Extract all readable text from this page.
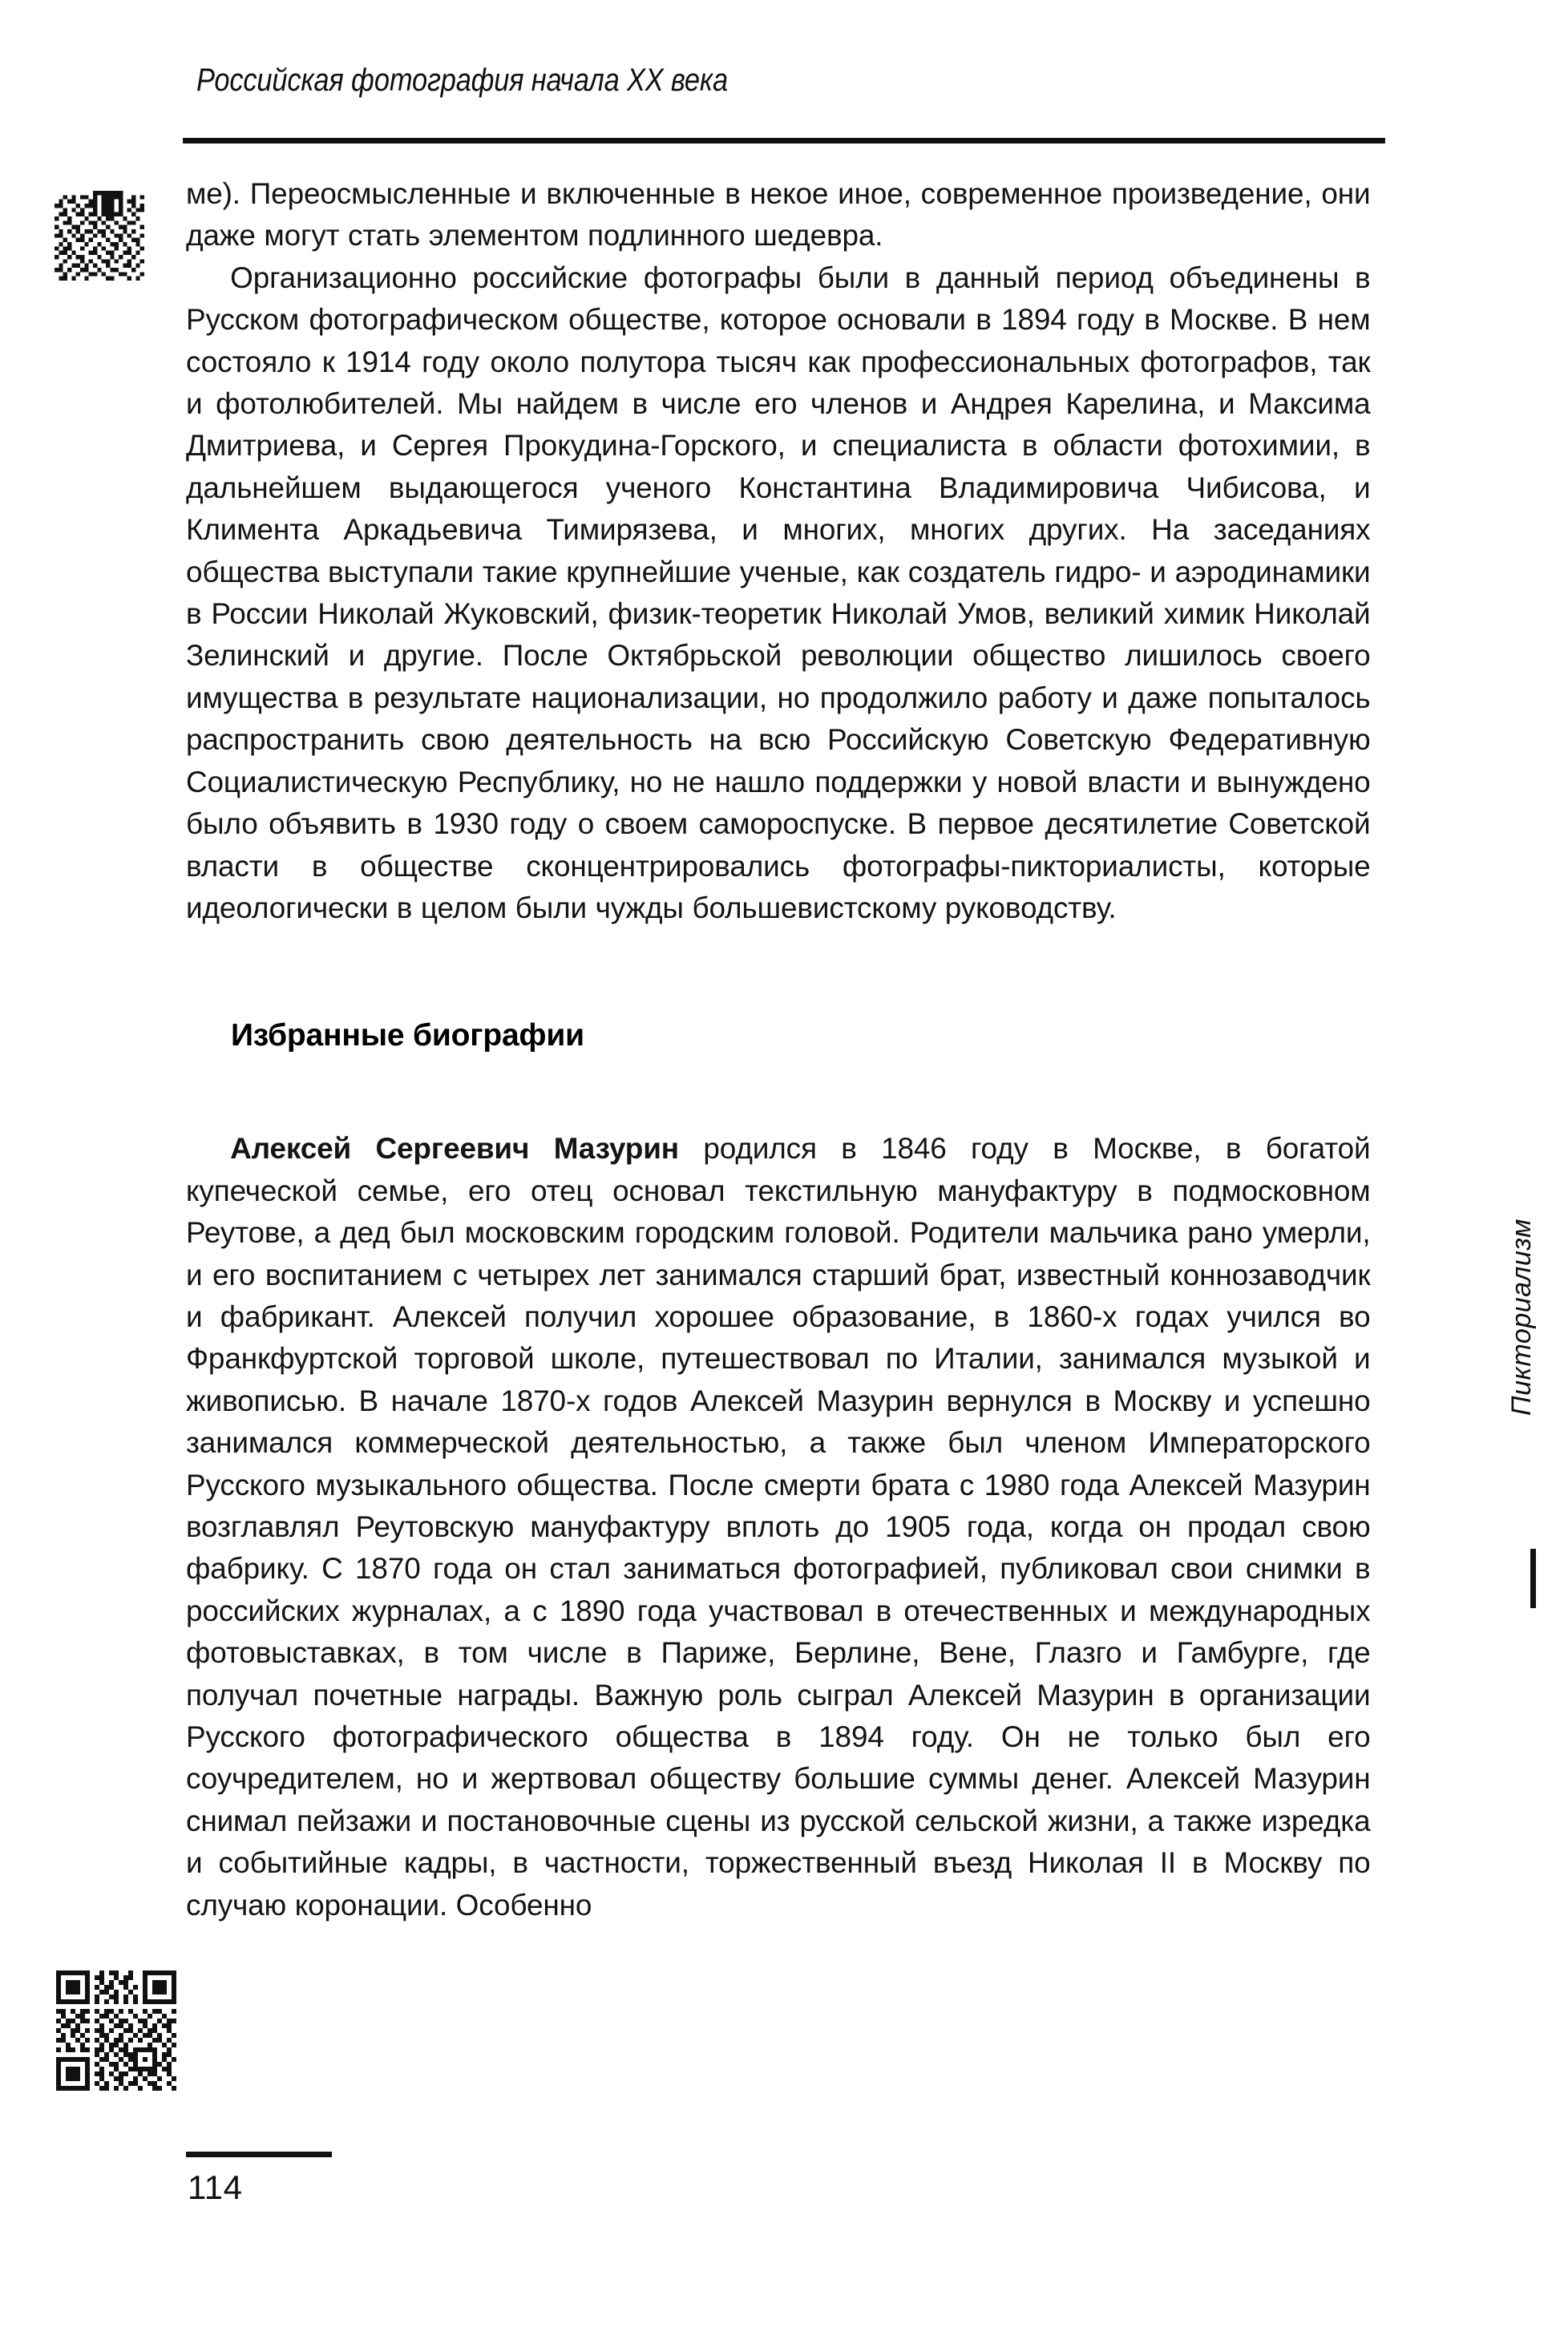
Российская фотография начала XX века

ме). Переосмысленные и включенные в некое иное, современное произведение, они даже могут стать элементом подлинного шедевра.

Организационно российские фотографы были в данный период объединены в Русском фотографическом обществе, которое основали в 1894 году в Москве. В нем состояло к 1914 году около полутора тысяч как профессиональных фотографов, так и фотолюбителей. Мы найдем в числе его членов и Андрея Карелина, и Максима Дмитриева, и Сергея Прокудина-Горского, и специалиста в области фотохимии, в дальнейшем выдающегося ученого Константина Владимировича Чибисова, и Климента Аркадьевича Тимирязева, и многих, многих других. На заседаниях общества выступали такие крупнейшие ученые, как создатель гидро- и аэродинамики в России Николай Жуковский, физик-теоретик Николай Умов, великий химик Николай Зелинский и другие. После Октябрьской революции общество лишилось своего имущества в результате национализации, но продолжило работу и даже попыталось распространить свою деятельность на всю Российскую Советскую Федеративную Социалистическую Республику, но не нашло поддержки у новой власти и вынуждено было объявить в 1930 году о своем самороспуске. В первое десятилетие Советской власти в обществе сконцентрировались фотографы-пикториалисты, которые идеологически в целом были чужды большевистскому руководству.

Избранные биографии

Алексей Сергеевич Мазурин родился в 1846 году в Москве, в богатой купеческой семье, его отец основал текстильную мануфактуру в подмосковном Реутове, а дед был московским городским головой. Родители мальчика рано умерли, и его воспитанием с четырех лет занимался старший брат, известный коннозаводчик и фабрикант. Алексей получил хорошее образование, в 1860-х годах учился во Франкфуртской торговой школе, путешествовал по Италии, занимался музыкой и живописью. В начале 1870-х годов Алексей Мазурин вернулся в Москву и успешно занимался коммерческой деятельностью, а также был членом Императорского Русского музыкального общества. После смерти брата с 1980 года Алексей Мазурин возглавлял Реутовскую мануфактуру вплоть до 1905 года, когда он продал свою фабрику. С 1870 года он стал заниматься фотографией, публиковал свои снимки в российских журналах, а с 1890 года участвовал в отечественных и международных фотовыставках, в том числе в Париже, Берлине, Вене, Глазго и Гамбурге, где получал почетные награды. Важную роль сыграл Алексей Мазурин в организации Русского фотографического общества в 1894 году. Он не только был его соучредителем, но и жертвовал обществу большие суммы денег. Алексей Мазурин снимал пейзажи и постановочные сцены из русской сельской жизни, а также изредка и событийные кадры, в частности, торжественный въезд Николая II в Москву по случаю коронации. Особенно

Пикториализм
114
